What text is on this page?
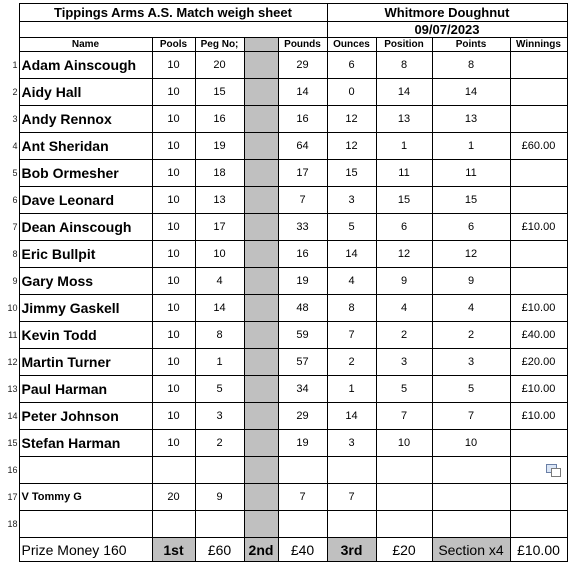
	Tippings Arms A.S. Match weigh sheet					Whitmore Doughnut			
						09/07/2023			
	Name	Pools	Peg No;		Pounds	Ounces	Position	Points	Winnings
1	Adam Ainscough	10	20		29	6	8	8	
2	Aidy Hall	10	15		14	0	14	14	
3	Andy Rennox	10	16		16	12	13	13	
4	Ant Sheridan	10	19		64	12	1	1	£60.00
5	Bob Ormesher	10	18		17	15	11	11	
6	Dave Leonard	10	13		7	3	15	15	
7	Dean Ainscough	10	17		33	5	6	6	£10.00
8	Eric Bullpit	10	10		16	14	12	12	
9	Gary Moss	10	4		19	4	9	9	
10	Jimmy Gaskell	10	14		48	8	4	4	£10.00
11	Kevin Todd	10	8		59	7	2	2	£40.00
12	Martin Turner	10	1		57	2	3	3	£20.00
13	Paul Harman	10	5		34	1	5	5	£10.00
14	Peter Johnson	10	3		29	14	7	7	£10.00
15	Stefan Harman	10	2		19	3	10	10	
16									

17	V Tommy G	20	9		7	7			
18									
	Prize Money 160	1st	£60	2nd	£40	3rd	£20	Section x4	£10.00
